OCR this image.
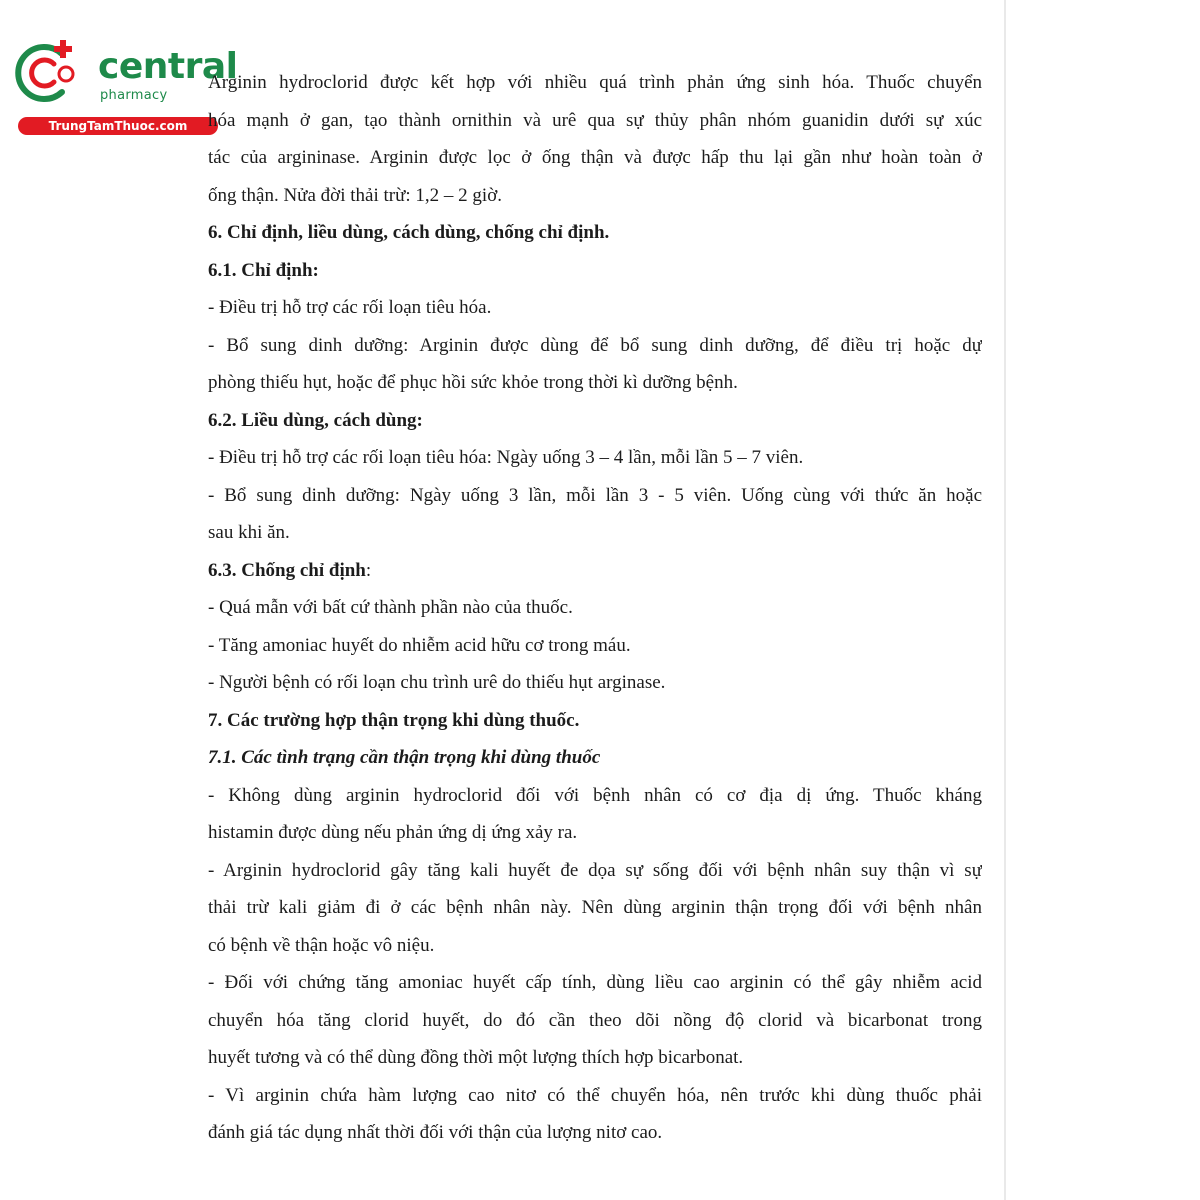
central
pharmacy
TrungTamThuoc.com
Arginin hydroclorid được kết hợp với nhiều quá trình phản ứng sinh hóa. Thuốc chuyển
hóa mạnh ở gan, tạo thành ornithin và urê qua sự thủy phân nhóm guanidin dưới sự xúc
tác của argininase. Arginin được lọc ở ống thận và được hấp thu lại gần như hoàn toàn ở
ống thận. Nửa đời thải trừ: 1,2 – 2 giờ.
6. Chỉ định, liều dùng, cách dùng, chống chỉ định.
6.1. Chỉ định:
- Điều trị hỗ trợ các rối loạn tiêu hóa.
- Bổ sung dinh dưỡng: Arginin được dùng để bổ sung dinh dưỡng, để điều trị hoặc dự
phòng thiếu hụt, hoặc để phục hồi sức khỏe trong thời kì dưỡng bệnh.
6.2. Liều dùng, cách dùng:
- Điều trị hỗ trợ các rối loạn tiêu hóa: Ngày uống 3 – 4 lần, mỗi lần 5 – 7 viên.
- Bổ sung dinh dưỡng: Ngày uống 3 lần, mỗi lần 3 - 5 viên. Uống cùng với thức ăn hoặc
sau khi ăn.
6.3. Chống chỉ định:
- Quá mẫn với bất cứ thành phần nào của thuốc.
- Tăng amoniac huyết do nhiễm acid hữu cơ trong máu.
- Người bệnh có rối loạn chu trình urê do thiếu hụt arginase.
7. Các trường hợp thận trọng khi dùng thuốc.
7.1. Các tình trạng cần thận trọng khi dùng thuốc
- Không dùng arginin hydroclorid đối với bệnh nhân có cơ địa dị ứng. Thuốc kháng
histamin được dùng nếu phản ứng dị ứng xảy ra.
- Arginin hydroclorid gây tăng kali huyết đe dọa sự sống đối với bệnh nhân suy thận vì sự
thải trừ kali giảm đi ở các bệnh nhân này. Nên dùng arginin thận trọng đối với bệnh nhân
có bệnh về thận hoặc vô niệu.
- Đối với chứng tăng amoniac huyết cấp tính, dùng liều cao arginin có thể gây nhiễm acid
chuyển hóa tăng clorid huyết, do đó cần theo dõi nồng độ clorid và bicarbonat trong
huyết tương và có thể dùng đồng thời một lượng thích hợp bicarbonat.
- Vì arginin chứa hàm lượng cao nitơ có thể chuyển hóa, nên trước khi dùng thuốc phải
đánh giá tác dụng nhất thời đối với thận của lượng nitơ cao.
